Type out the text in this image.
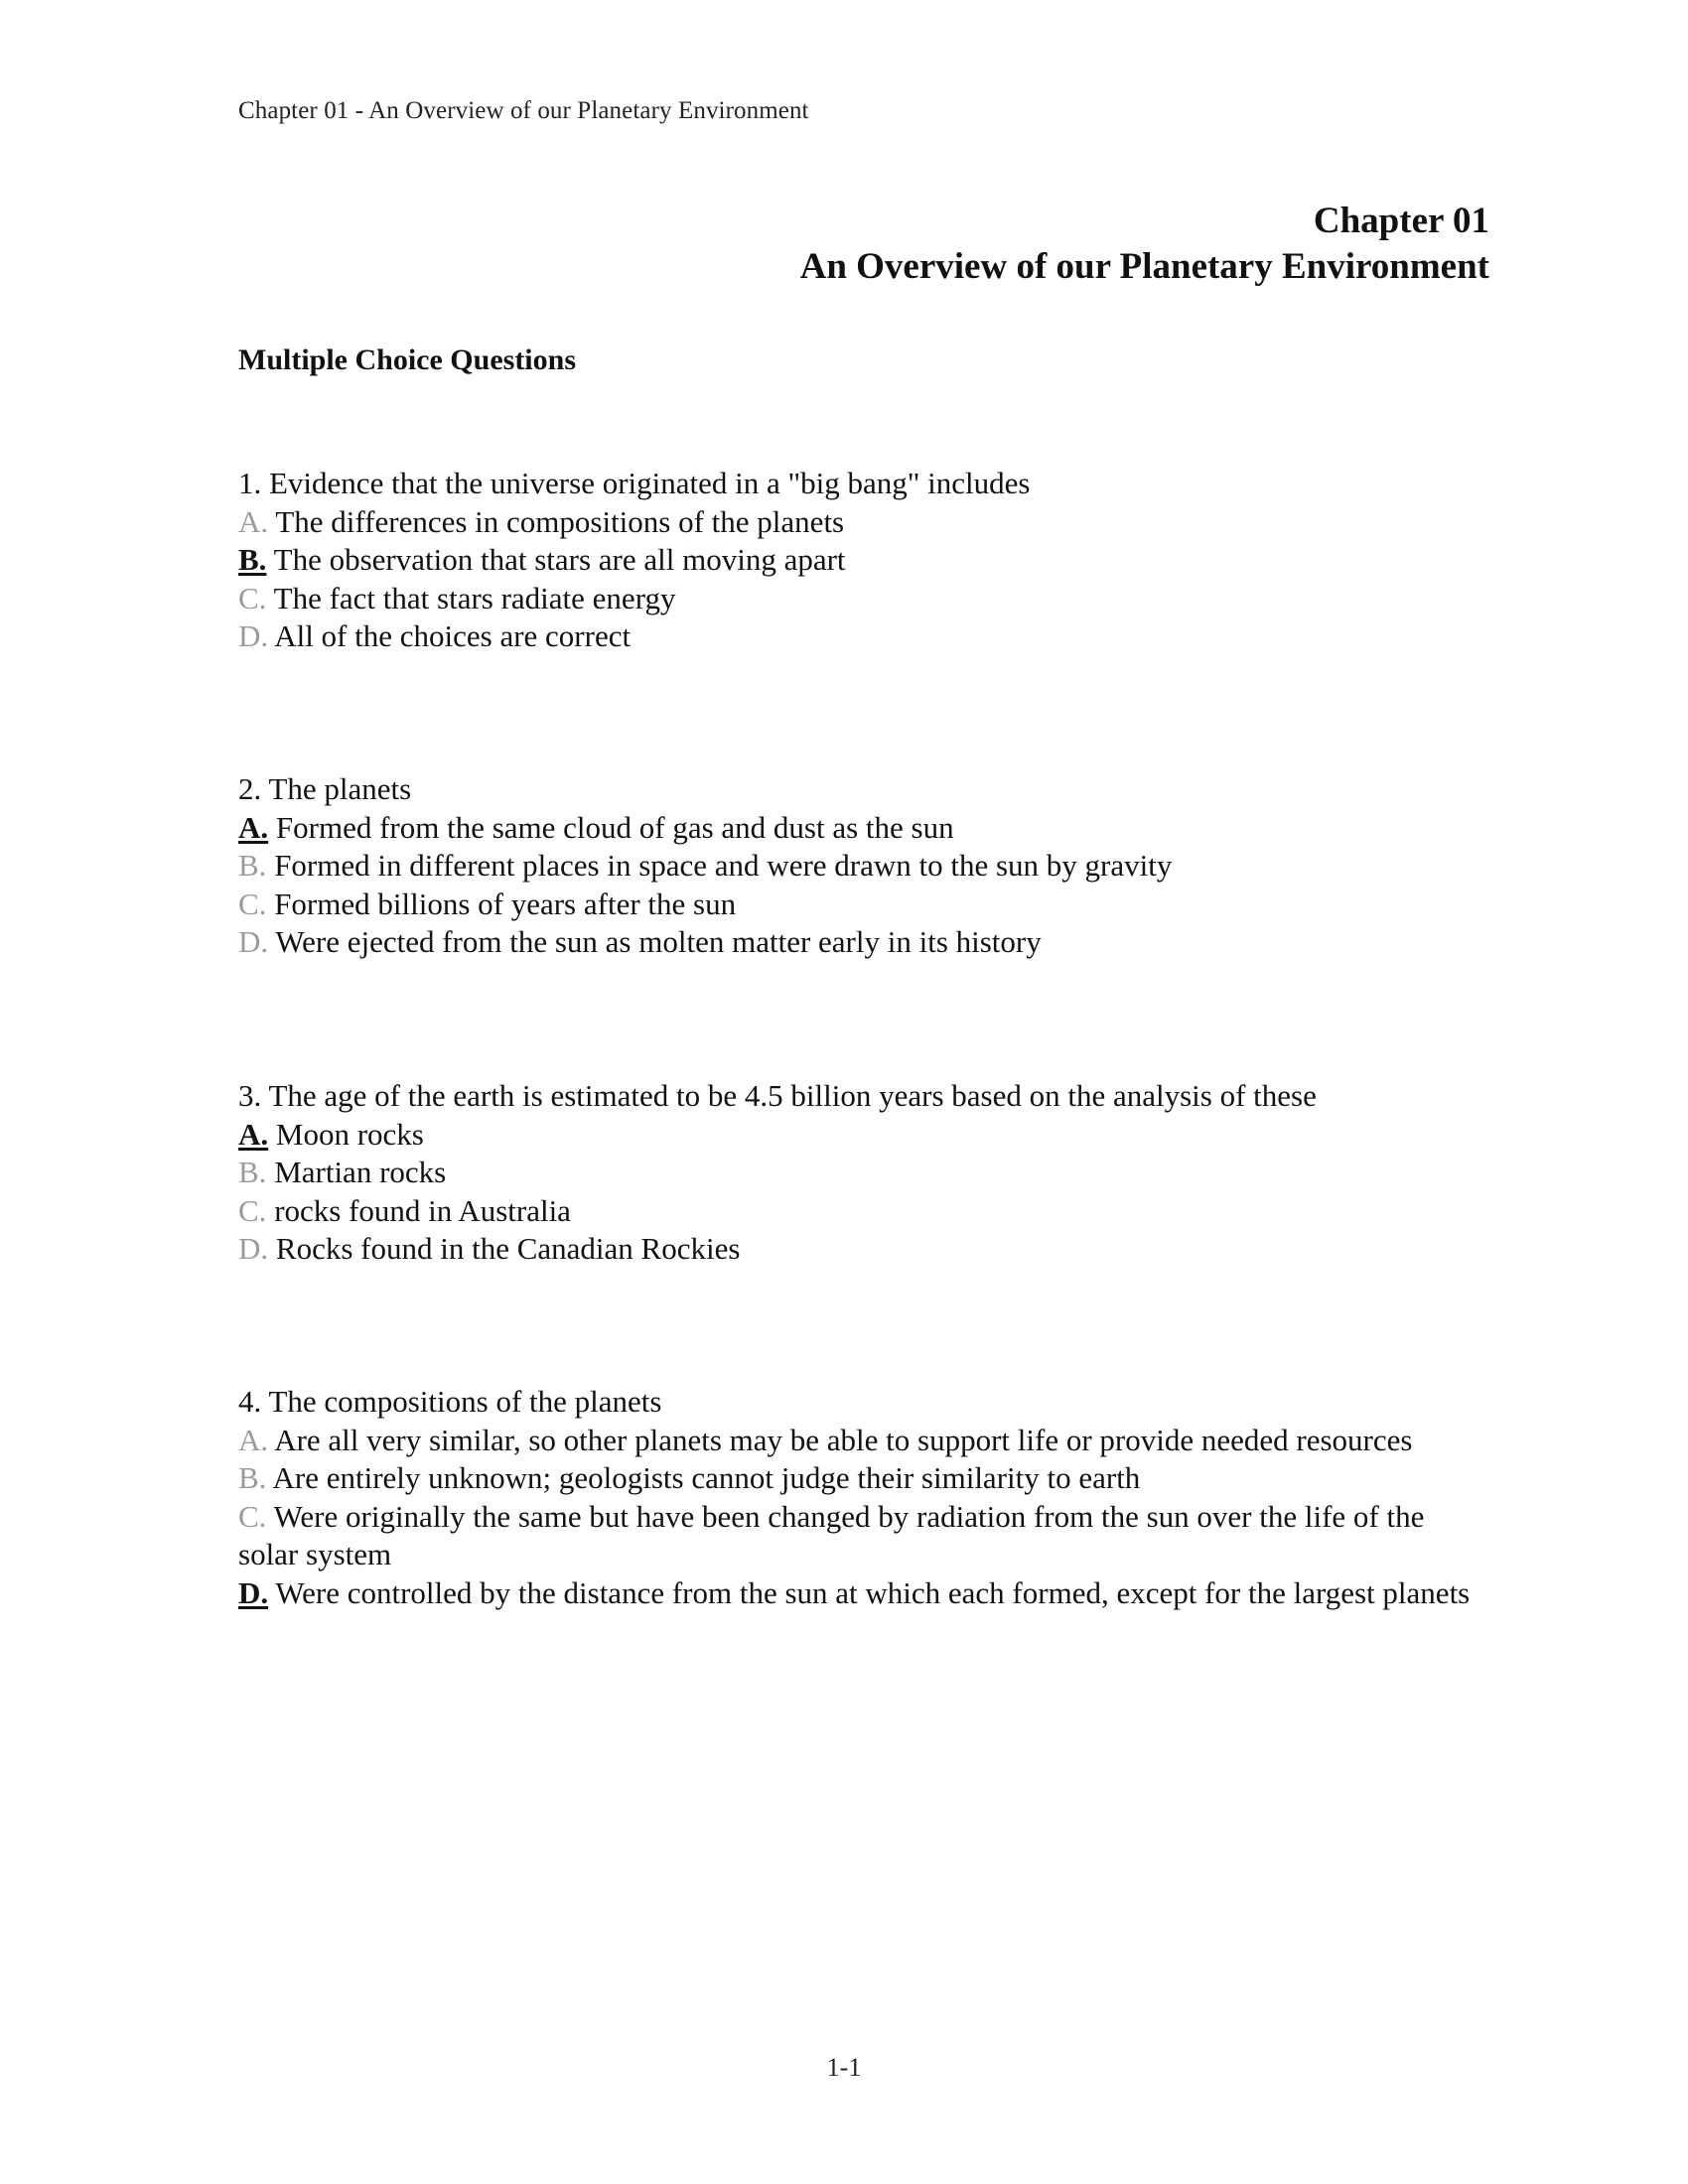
Chapter 01 - An Overview of our Planetary Environment
Chapter 01
An Overview of our Planetary Environment
Multiple Choice Questions

1. Evidence that the universe originated in a "big bang" includes

A. The differences in compositions of the planets

B. The observation that stars are all moving apart

C. The fact that stars radiate energy

D. All of the choices are correct

2. The planets

A. Formed from the same cloud of gas and dust as the sun

B. Formed in different places in space and were drawn to the sun by gravity

C. Formed billions of years after the sun

D. Were ejected from the sun as molten matter early in its history

3. The age of the earth is estimated to be 4.5 billion years based on the analysis of these

A. Moon rocks

B. Martian rocks

C. rocks found in Australia

D. Rocks found in the Canadian Rockies

4. The compositions of the planets

A. Are all very similar, so other planets may be able to support life or provide needed resources

B. Are entirely unknown; geologists cannot judge their similarity to earth

C. Were originally the same but have been changed by radiation from the sun over the life of the solar system

D. Were controlled by the distance from the sun at which each formed, except for the largest planets

1-1
